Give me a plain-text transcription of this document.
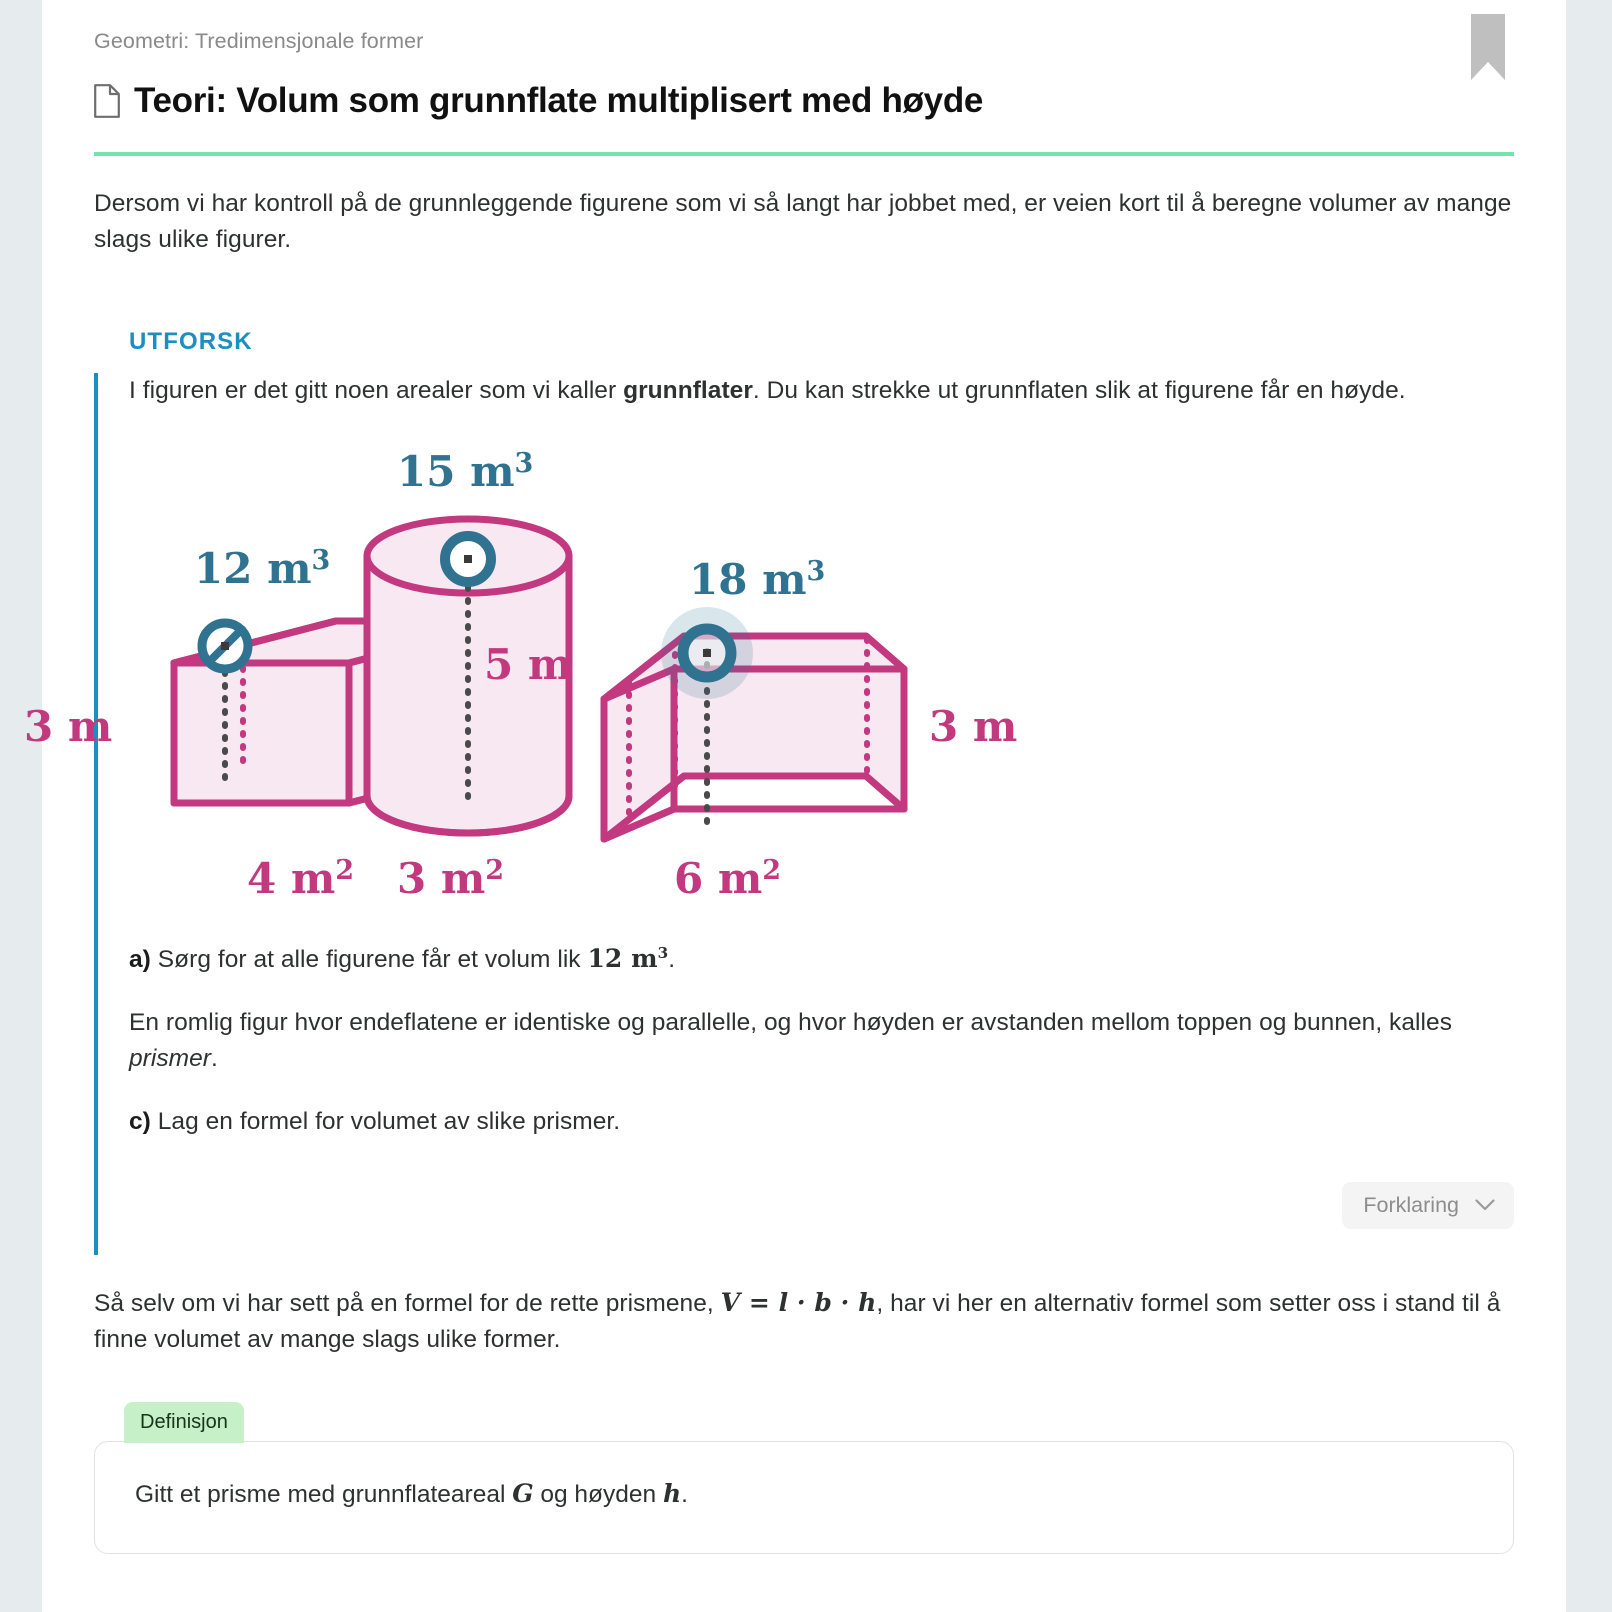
Geometri: Tredimensjonale former
Teori: Volum som grunnflate multiplisert med høyde
Dersom vi har kontroll på de grunnleggende figurene som vi så langt har jobbet med, er veien kort til å beregne volumer av mange slags ulike figurer.
UTFORSK
I figuren er det gitt noen arealer som vi kaller grunnflater. Du kan strekke ut grunnflaten slik at figurene får en høyde.
12 $m^3$
3 m
4 $m^2$
15 $m^3$
5 m
3 $m^2$
18 $m^3$
3 m
6 $m^2$
a) Sørg for at alle figurene får et volum lik 12 $m^3$.
En romlig figur hvor endeflatene er identiske og parallelle, og hvor høyden er avstanden mellom toppen og bunnen, kalles prismer.
c) Lag en formel for volumet av slike prismer.
Forklaring
Så selv om vi har sett på en formel for de rette prismene, V = l · b · h, har vi her en alternativ formel som setter oss i stand til å finne volumet av mange slags ulike former.
Definisjon
Gitt et prisme med grunnflateareal G og høyden h.
